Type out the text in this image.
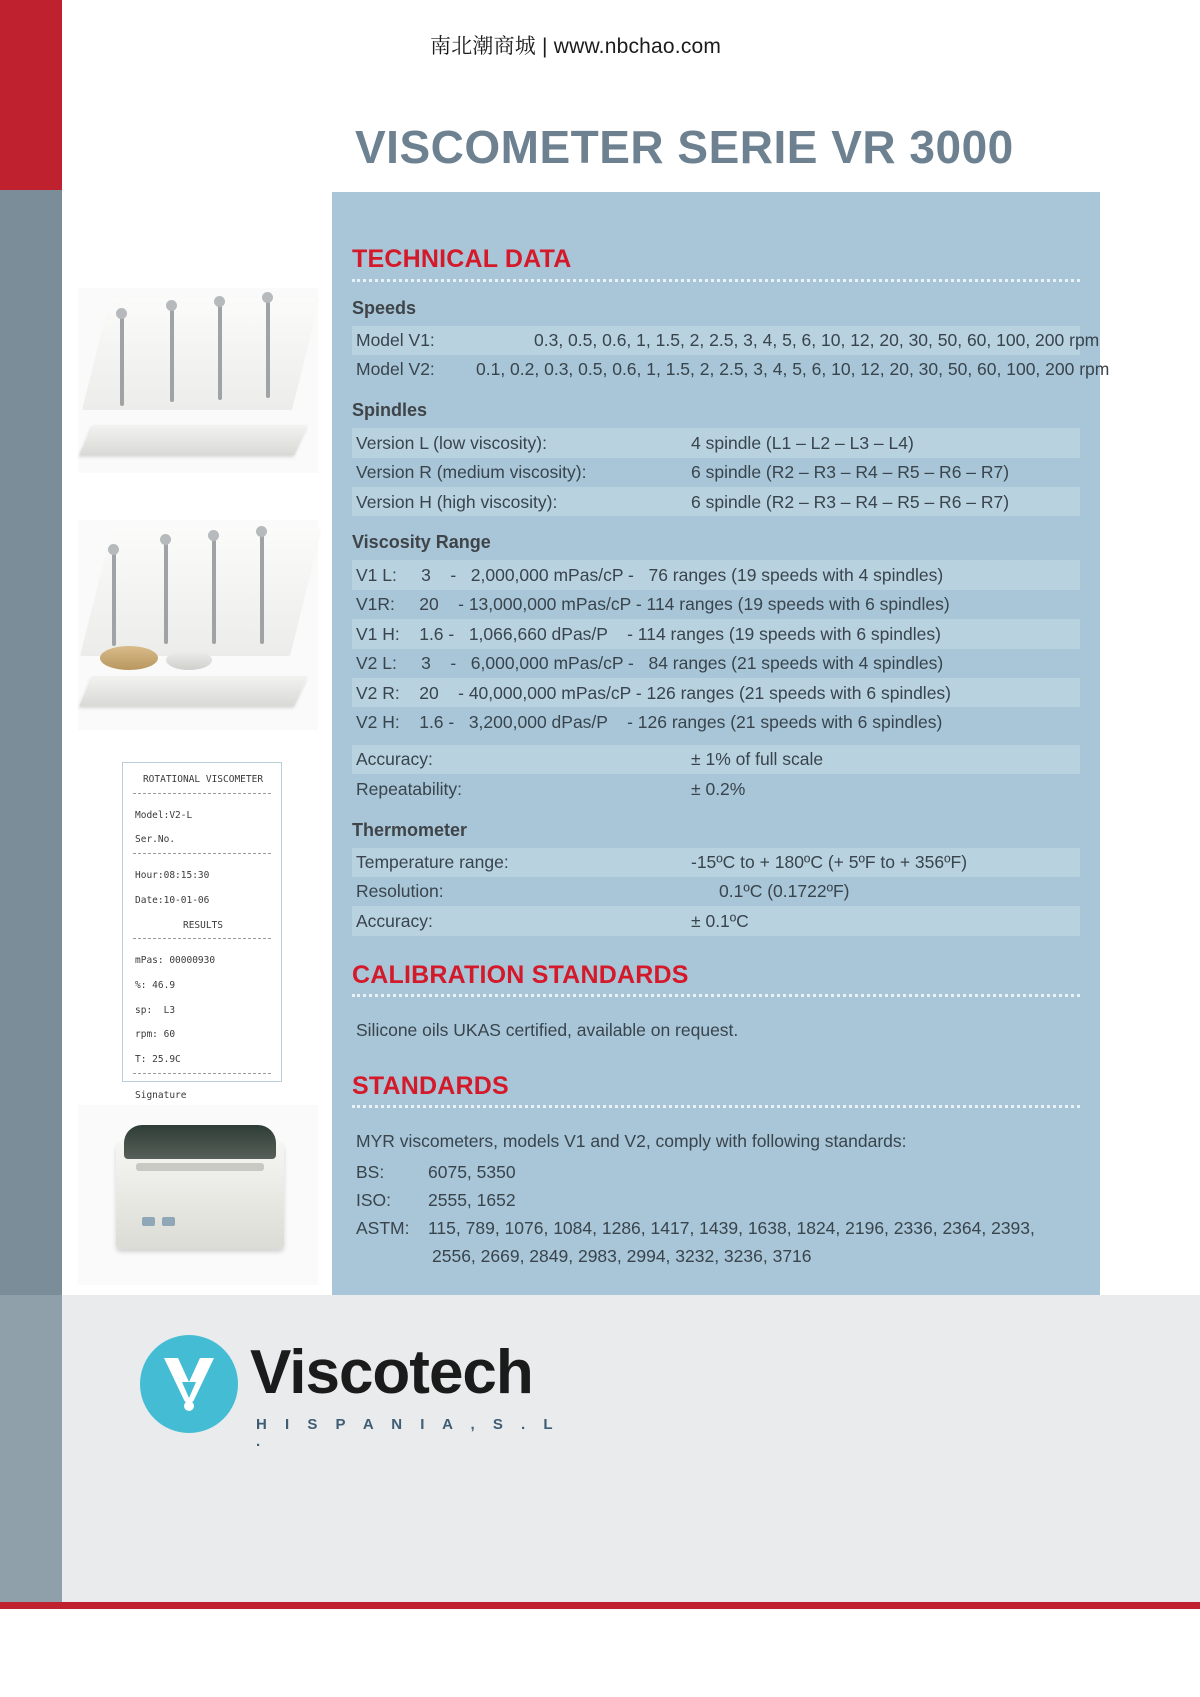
南北潮商城 | www.nbchao.com
VISCOMETER SERIE VR 3000
ROTATIONAL VISCOMETER
Model:V2-L
Ser.No.
Hour:08:15:30
Date:10-01-06
RESULTS
mPas: 00000930
%: 46.9
sp:  L3
rpm: 60
T: 25.9C
Signature
TECHNICAL DATA
Speeds
Model V1:	0.3, 0.5, 0.6, 1, 1.5, 2, 2.5, 3, 4, 5, 6, 10, 12, 20, 30, 50, 60, 100, 200 rpm
Model V2:	0.1, 0.2, 0.3, 0.5, 0.6, 1, 1.5, 2, 2.5, 3, 4, 5, 6, 10, 12, 20, 30, 50, 60, 100, 200 rpm
Spindles
Version L (low viscosity):	4 spindle (L1 – L2 – L3 – L4)
Version R (medium viscosity):	6 spindle (R2 – R3 – R4 – R5 – R6 – R7)
Version H (high viscosity):	6 spindle (R2 – R3 – R4 – R5 – R6 – R7)
Viscosity Range
V1 L:     3    -   2,000,000 mPas/cP -   76 ranges (19 speeds with 4 spindles)
V1R:     20    - 13,000,000 mPas/cP - 114 ranges (19 speeds with 6 spindles)
V1 H:    1.6 -   1,066,660 dPas/P    - 114 ranges (19 speeds with 6 spindles)
V2 L:     3    -   6,000,000 mPas/cP -   84 ranges (21 speeds with 4 spindles)
V2 R:    20    - 40,000,000 mPas/cP - 126 ranges (21 speeds with 6 spindles)
V2 H:    1.6 -   3,200,000 dPas/P    - 126 ranges (21 speeds with 6 spindles)
Accuracy:	± 1% of full scale
Repeatability:	± 0.2%
Thermometer
Temperature range:	-15ºC to + 180ºC (+ 5ºF to + 356ºF)
Resolution:	0.1ºC (0.1722ºF)
Accuracy:	± 0.1ºC
CALIBRATION STANDARDS
Silicone oils UKAS certified, available on request.
STANDARDS
MYR viscometers, models V1 and V2, comply with following standards:
BS:	6075, 5350
ISO:	2555, 1652
ASTM:	115, 789, 1076, 1084, 1286, 1417, 1439, 1638, 1824, 2196, 2336, 2364, 2393,
2556, 2669, 2849, 2983, 2994, 3232, 3236, 3716
Viscotech
H I S P A N I A , S . L .
